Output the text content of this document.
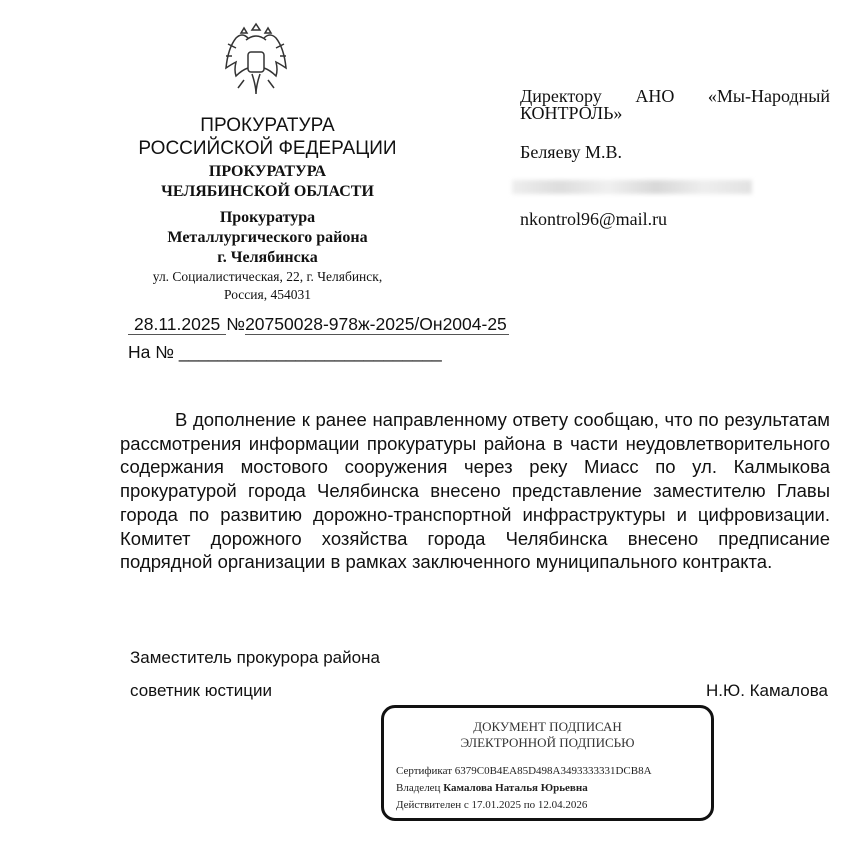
ПРОКУРАТУРА
РОССИЙСКОЙ ФЕДЕРАЦИИ
ПРОКУРАТУРА
ЧЕЛЯБИНСКОЙ ОБЛАСТИ
Прокуратура
Металлургического района
г. Челябинска
ул. Социалистическая, 22, г. Челябинск,
Россия, 454031
28.11.2025 №20750028-978ж-2025/Он2004-25
На № ___________________________
Директору АНО «Мы-Народный КОНТРОЛЬ»
Беляеву М.В.
nkontrol96@mail.ru
В дополнение к ранее направленному ответу сообщаю, что по результатам рассмотрения информации прокуратуры района в части неудовлетворительного содержания мостового сооружения через реку Миасс по ул. Калмыкова прокуратурой города Челябинска внесено представление заместителю Главы города по развитию дорожно-транспортной инфраструктуры и цифровизации. Комитет дорожного хозяйства города Челябинска внесено предписание подрядной организации в рамках заключенного муниципального контракта.
Заместитель прокурора района
советник юстиции	Н.Ю. Камалова
ДОКУМЕНТ ПОДПИСАН
ЭЛЕКТРОННОЙ ПОДПИСЬЮ
Сертификат 6379C0B4EA85D498A3493333331DCB8A
Владелец Камалова Наталья Юрьевна
Действителен с 17.01.2025 по 12.04.2026
